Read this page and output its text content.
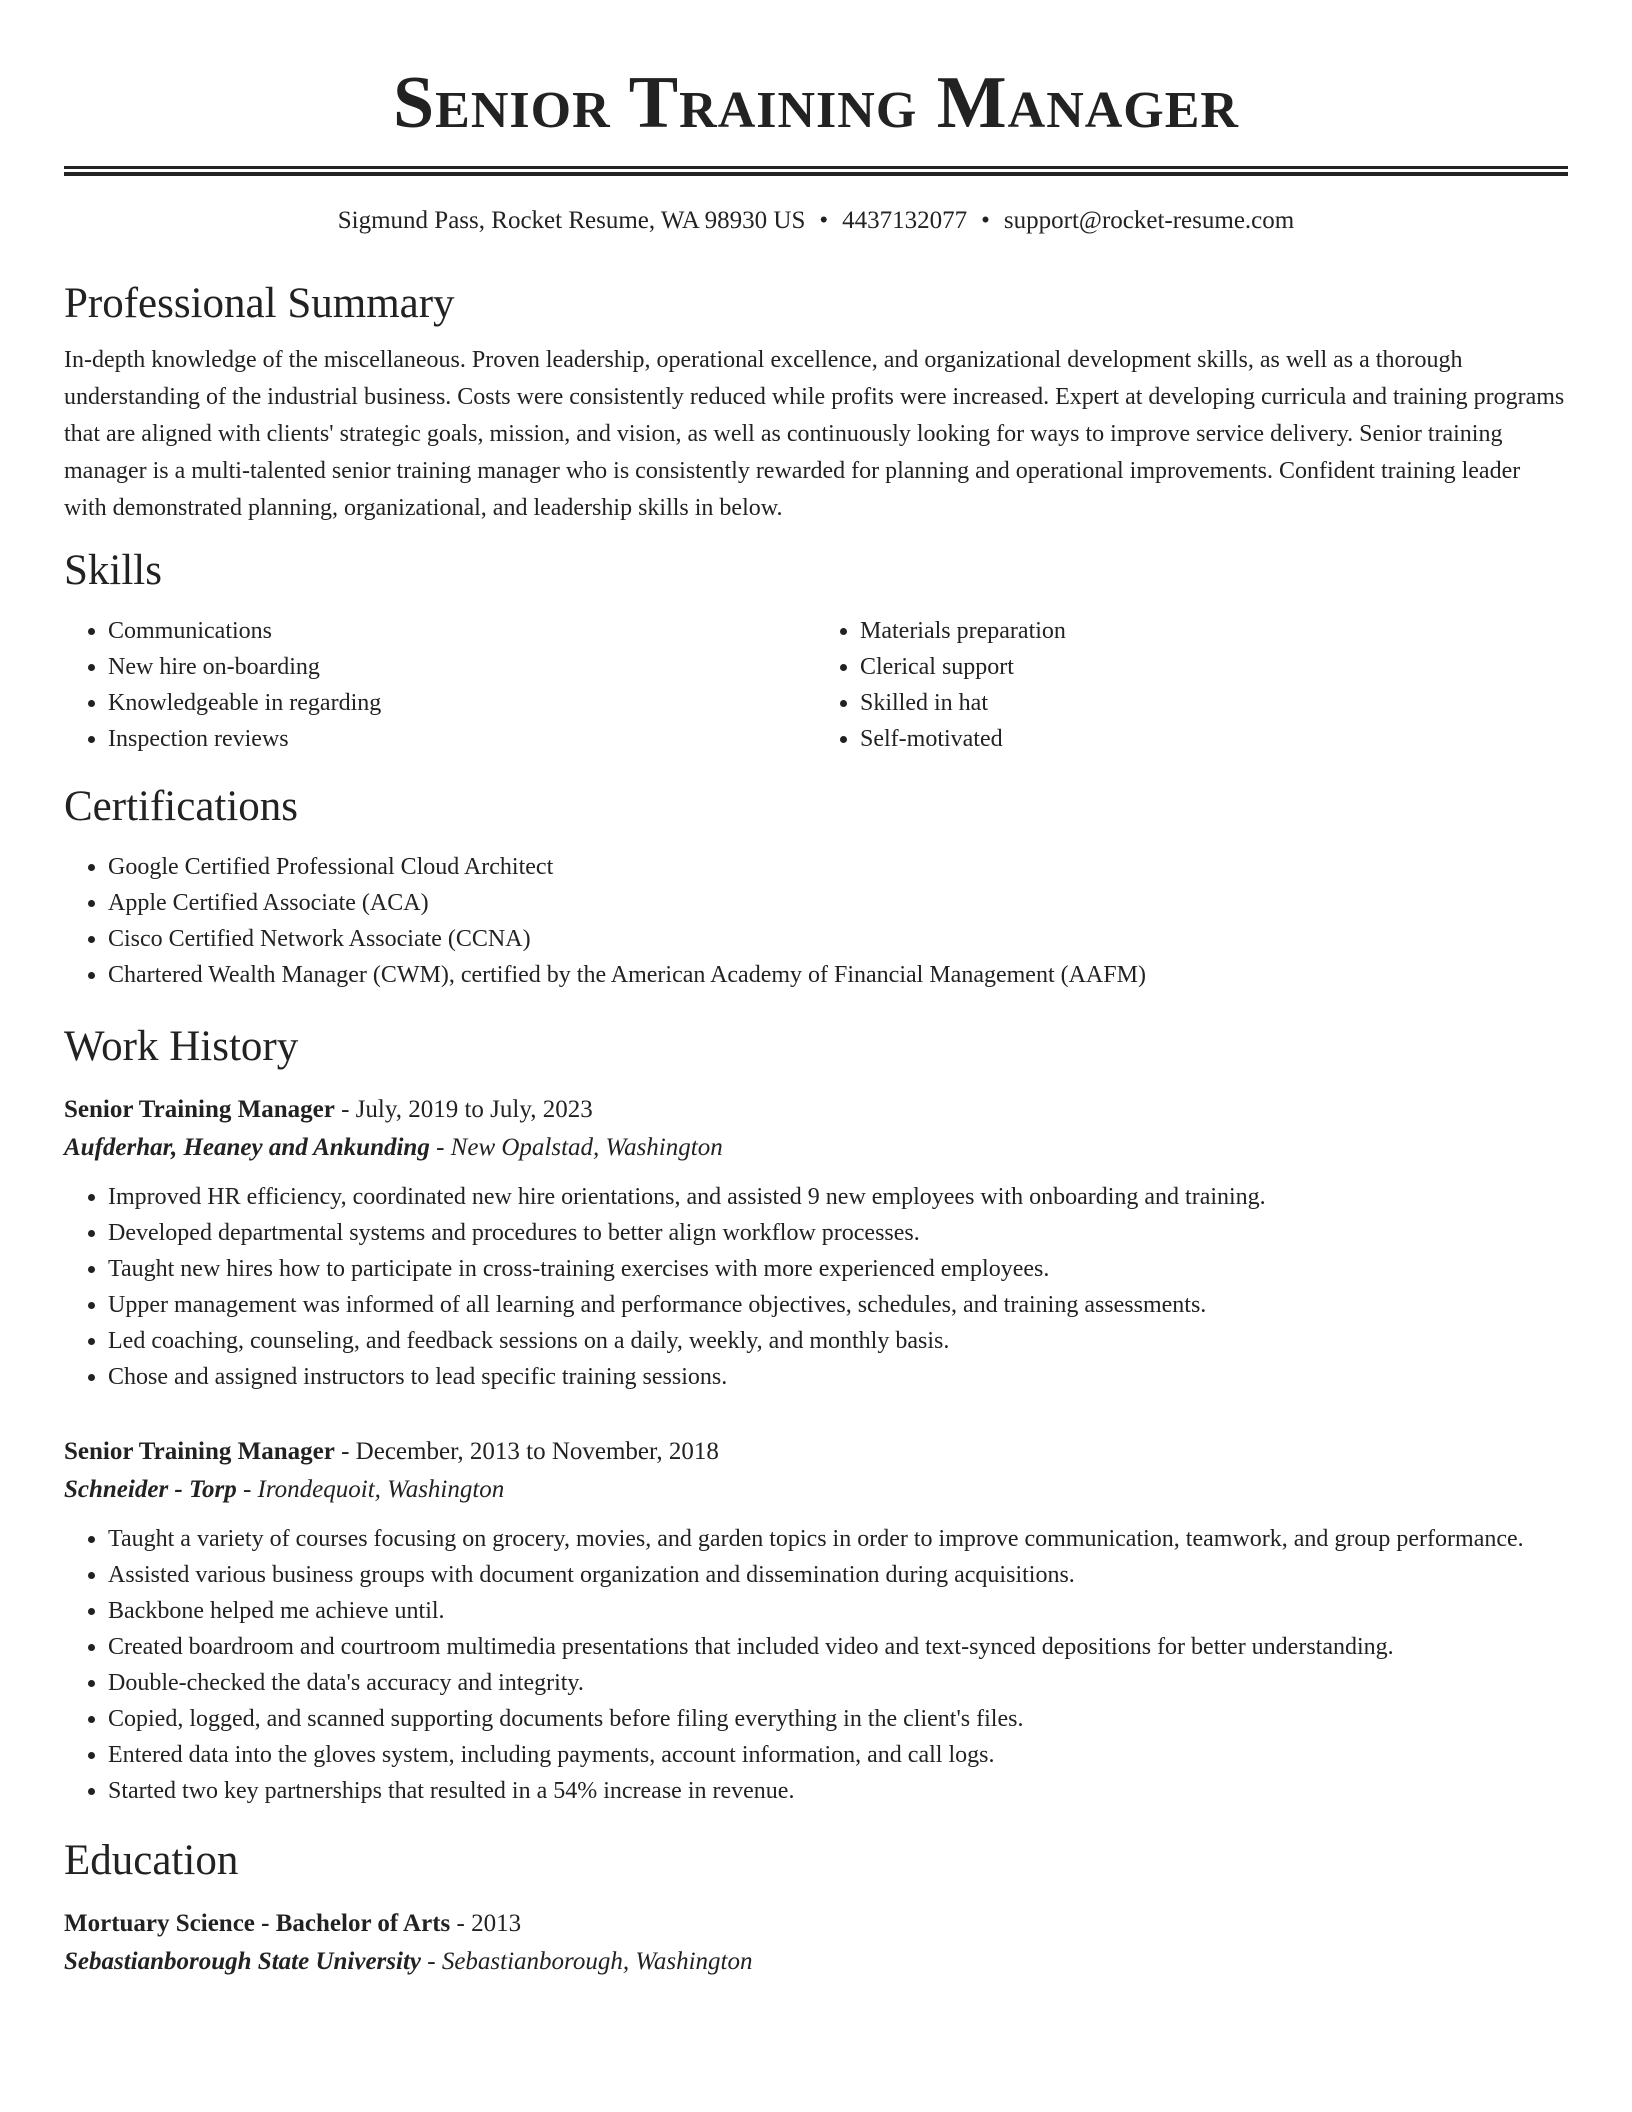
Senior Training Manager
Sigmund Pass, Rocket Resume, WA 98930 US • 4437132077 • support@rocket-resume.com
Professional Summary

In-depth knowledge of the miscellaneous. Proven leadership, operational excellence, and organizational development skills, as well as a thorough understanding of the industrial business. Costs were consistently reduced while profits were increased. Expert at developing curricula and training programs that are aligned with clients' strategic goals, mission, and vision, as well as continuously looking for ways to improve service delivery. Senior training manager is a multi-talented senior training manager who is consistently rewarded for planning and operational improvements. Confident training leader with demonstrated planning, organizational, and leadership skills in below.

Skills
• Communications
• New hire on-boarding
• Knowledgeable in regarding
• Inspection reviews
• Materials preparation
• Clerical support
• Skilled in hat
• Self-motivated
Certifications
• Google Certified Professional Cloud Architect
• Apple Certified Associate (ACA)
• Cisco Certified Network Associate (CCNA)
• Chartered Wealth Manager (CWM), certified by the American Academy of Financial Management (AAFM)
Work History
Senior Training Manager - July, 2019 to July, 2023
Aufderhar, Heaney and Ankunding - New Opalstad, Washington
• Improved HR efficiency, coordinated new hire orientations, and assisted 9 new employees with onboarding and training.
• Developed departmental systems and procedures to better align workflow processes.
• Taught new hires how to participate in cross-training exercises with more experienced employees.
• Upper management was informed of all learning and performance objectives, schedules, and training assessments.
• Led coaching, counseling, and feedback sessions on a daily, weekly, and monthly basis.
• Chose and assigned instructors to lead specific training sessions.
Senior Training Manager - December, 2013 to November, 2018
Schneider - Torp - Irondequoit, Washington
• Taught a variety of courses focusing on grocery, movies, and garden topics in order to improve communication, teamwork, and group performance.
• Assisted various business groups with document organization and dissemination during acquisitions.
• Backbone helped me achieve until.
• Created boardroom and courtroom multimedia presentations that included video and text-synced depositions for better understanding.
• Double-checked the data's accuracy and integrity.
• Copied, logged, and scanned supporting documents before filing everything in the client's files.
• Entered data into the gloves system, including payments, account information, and call logs.
• Started two key partnerships that resulted in a 54% increase in revenue.
Education
Mortuary Science - Bachelor of Arts - 2013
Sebastianborough State University - Sebastianborough, Washington
